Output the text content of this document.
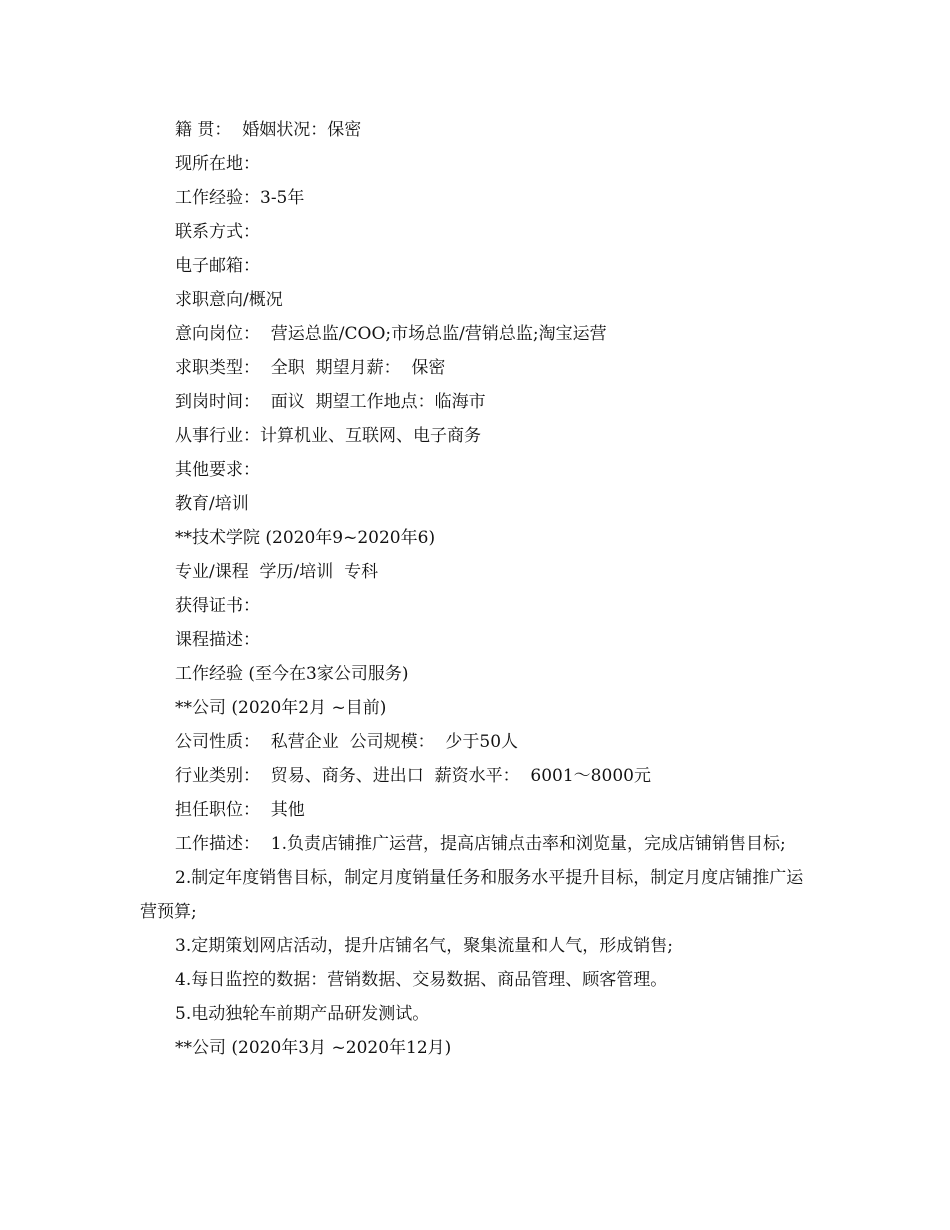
籍 贯：  婚姻状况：保密
现所在地：
工作经验：3-5年
联系方式：
电子邮箱：
求职意向/概况
意向岗位：  营运总监/COO;市场总监/营销总监;淘宝运营
求职类型：  全职  期望月薪：  保密
到岗时间：  面议  期望工作地点：临海市
从事行业：计算机业、互联网、电子商务
其他要求：
教育/培训
**技术学院 (2020年9~2020年6)
专业/课程  学历/培训  专科
获得证书：
课程描述：
工作经验 (至今在3家公司服务)
**公司 (2020年2月 ~目前)
公司性质：  私营企业  公司规模：  少于50人
行业类别：  贸易、商务、进出口  薪资水平：  6001～8000元
担任职位：  其他
工作描述：  1.负责店铺推广运营，提高店铺点击率和浏览量，完成店铺销售目标;
2.制定年度销售目标，制定月度销量任务和服务水平提升目标，制定月度店铺推广运营预算;
3.定期策划网店活动，提升店铺名气，聚集流量和人气，形成销售;
4.每日监控的数据：营销数据、交易数据、商品管理、顾客管理。
5.电动独轮车前期产品研发测试。
**公司 (2020年3月 ~2020年12月)
